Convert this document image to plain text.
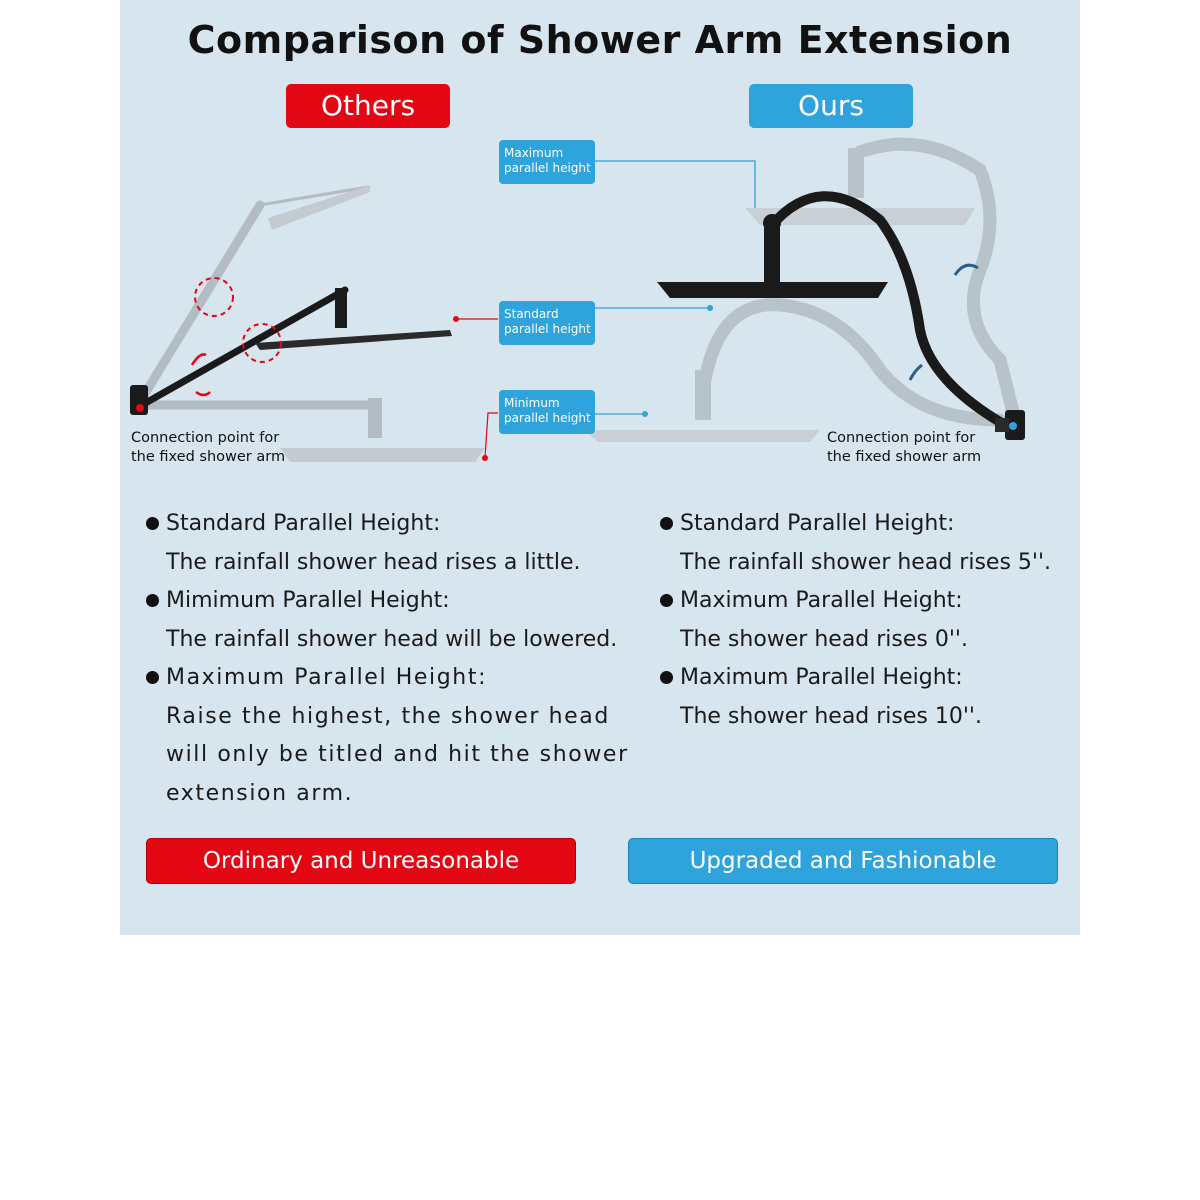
Comparison of Shower Arm Extension
Others	Ours
Maximum parallel height
Standard parallel height
Minimum parallel height
Connection point for the fixed shower arm
Connection point for the fixed shower arm

Standard Parallel Height:

The rainfall shower head rises a little.

Mimimum Parallel Height:

The rainfall shower head will be lowered.

Maximum Parallel Height:

Raise the highest, the shower head

will only be titled and hit the shower

extension arm.

Standard Parallel Height:

The rainfall shower head rises 5''.

Maximum Parallel Height:

The shower head rises 0''.

Maximum Parallel Height:

The shower head rises 10''.

Ordinary and Unreasonable	Upgraded and Fashionable
